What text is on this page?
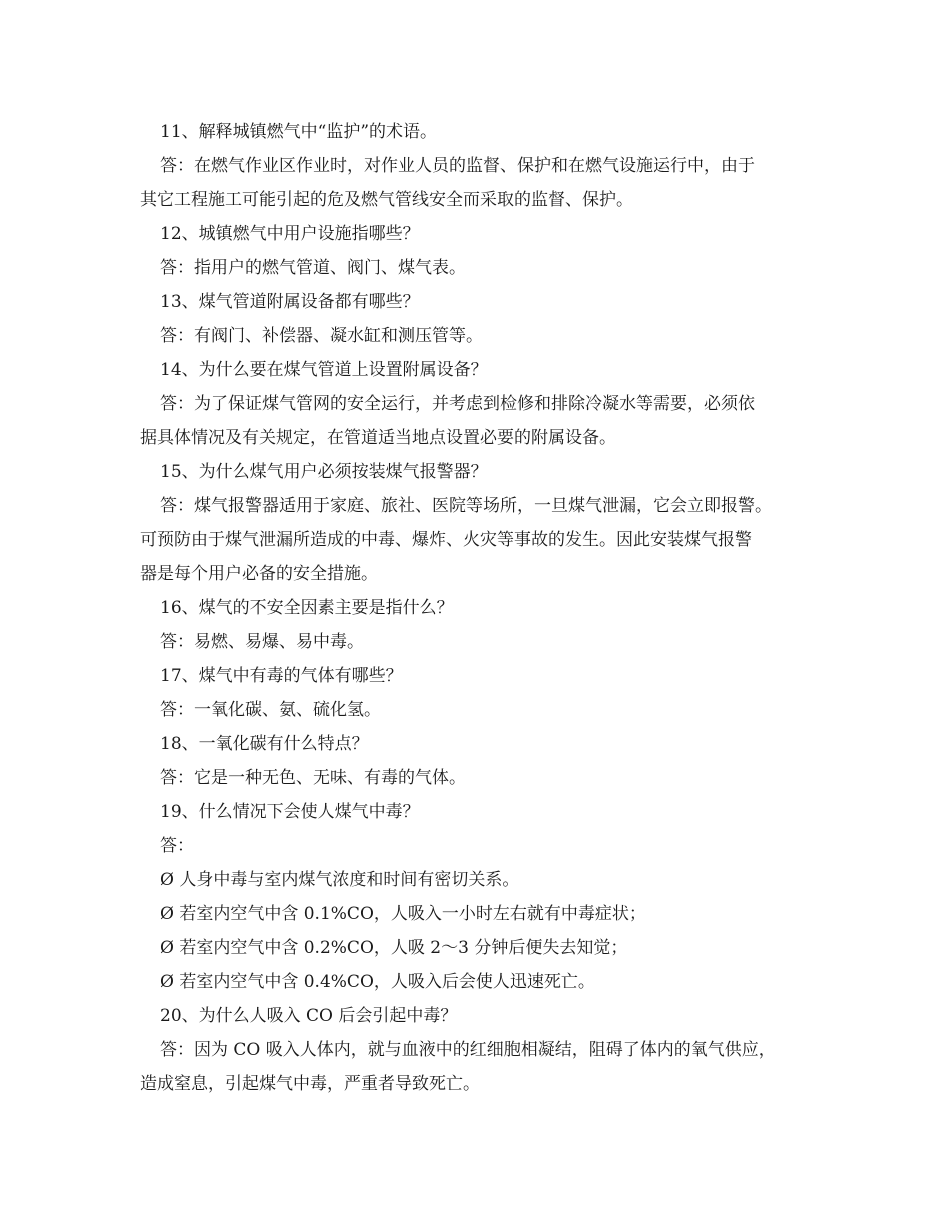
11、解释城镇燃气中“监护”的术语。
答：在燃气作业区作业时，对作业人员的监督、保护和在燃气设施运行中，由于
其它工程施工可能引起的危及燃气管线安全而采取的监督、保护。
12、城镇燃气中用户设施指哪些？
答：指用户的燃气管道、阀门、煤气表。
13、煤气管道附属设备都有哪些？
答：有阀门、补偿器、凝水缸和测压管等。
14、为什么要在煤气管道上设置附属设备？
答：为了保证煤气管网的安全运行，并考虑到检修和排除冷凝水等需要，必须依
据具体情况及有关规定，在管道适当地点设置必要的附属设备。
15、为什么煤气用户必须按装煤气报警器？
答：煤气报警器适用于家庭、旅社、医院等场所，一旦煤气泄漏，它会立即报警。
可预防由于煤气泄漏所造成的中毒、爆炸、火灾等事故的发生。因此安装煤气报警
器是每个用户必备的安全措施。
16、煤气的不安全因素主要是指什么？
答：易燃、易爆、易中毒。
17、煤气中有毒的气体有哪些？
答：一氧化碳、氨、硫化氢。
18、一氧化碳有什么特点？
答：它是一种无色、无味、有毒的气体。
19、什么情况下会使人煤气中毒？
答：
Ø 人身中毒与室内煤气浓度和时间有密切关系。
Ø 若室内空气中含 0.1%CO，人吸入一小时左右就有中毒症状；
Ø 若室内空气中含 0.2%CO，人吸 2～3 分钟后便失去知觉；
Ø 若室内空气中含 0.4%CO，人吸入后会使人迅速死亡。
20、为什么人吸入 CO 后会引起中毒？
答：因为 CO 吸入人体内，就与血液中的红细胞相凝结，阻碍了体内的氧气供应，
造成窒息，引起煤气中毒，严重者导致死亡。
